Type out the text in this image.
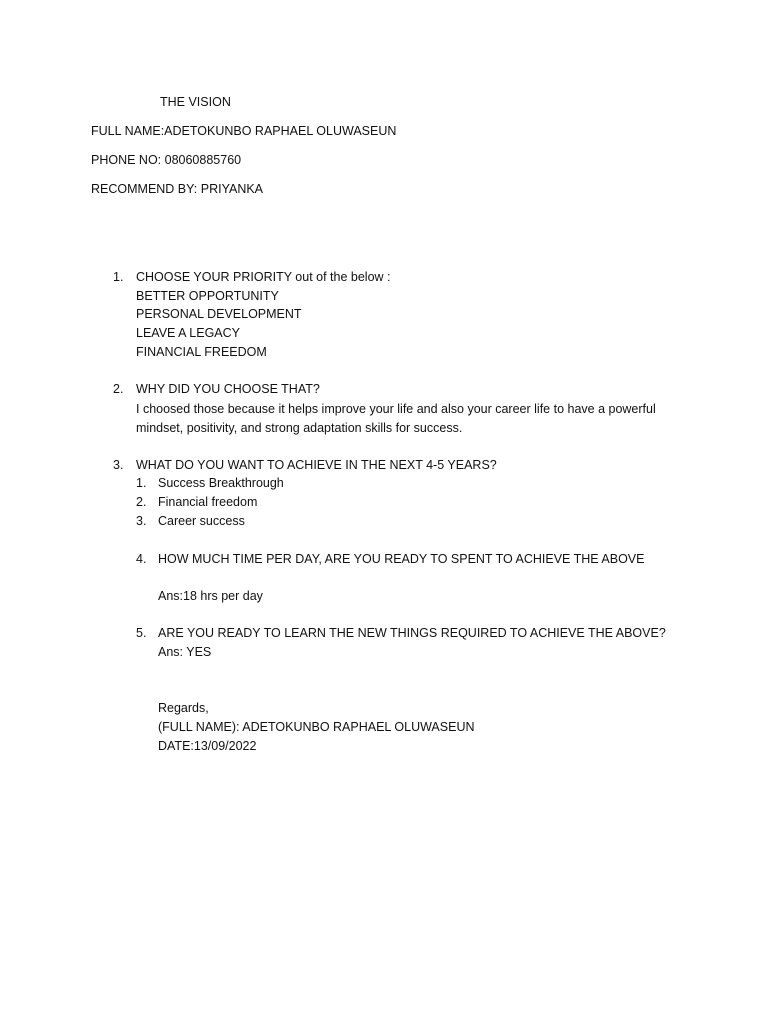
THE VISION
FULL NAME:ADETOKUNBO RAPHAEL OLUWASEUN
PHONE NO: 08060885760
RECOMMEND BY: PRIYANKA
1. CHOOSE YOUR PRIORITY out of the below :
BETTER OPPORTUNITY
PERSONAL DEVELOPMENT
LEAVE A LEGACY
FINANCIAL FREEDOM
2. WHY DID YOU CHOOSE THAT?
I choosed those because it helps improve your life and also your career life to have a powerful
mindset, positivity, and strong adaptation skills for success.
3. WHAT DO YOU WANT TO ACHIEVE IN THE NEXT 4-5 YEARS?
1. Success Breakthrough
2. Financial freedom
3. Career success
4. HOW MUCH TIME PER DAY, ARE YOU READY TO SPENT TO ACHIEVE THE ABOVE
Ans:18 hrs per day
5. ARE YOU READY TO LEARN THE NEW THINGS REQUIRED TO ACHIEVE THE ABOVE?
Ans: YES
Regards,
(FULL NAME): ADETOKUNBO RAPHAEL OLUWASEUN
DATE:13/09/2022
